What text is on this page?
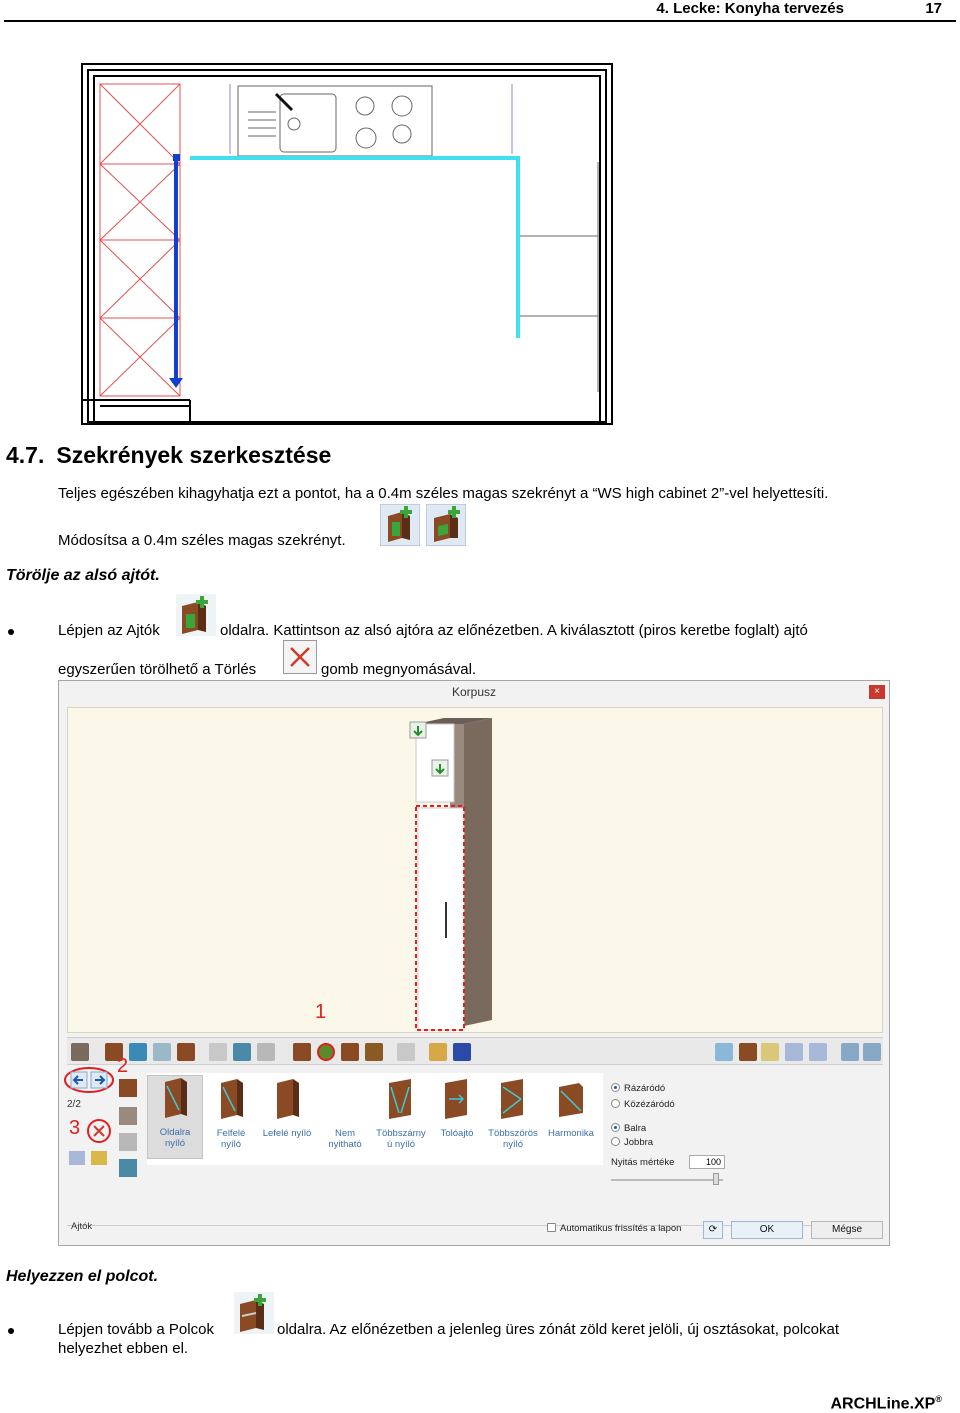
4. Lecke: Konyha tervezés	17
4.7. Szekrények szerkesztése
Teljes egészében kihagyhatja ezt a pontot, ha a 0.4m széles magas szekrényt a “WS high cabinet 2”-vel helyettesíti.
Módosítsa a 0.4m széles magas szekrényt.
Törölje az alsó ajtót.
Lépjen az Ajtók	oldalra. Kattintson az alsó ajtóra az előnézetben. A kiválasztott (piros keretbe foglalt) ajtó
egyszerűen törölhető a Törlés	gomb megnyomásával.
Korpusz	×
1
2
2/2
3	Oldalra
nyíló
Felfelé
nyíló
Lefelé nyíló	Nem
nyitható
Többszárny
ú nyíló
Tolóajtó	Többszörös
nyíló
Harmonika
Rázáródó
Közézáródó
Balra
Jobbra
Nyitás mértéke	100
Ajtók	Automatikus frissítés a lapon	⟳	OK	Mégse
Helyezzen el polcot.
Lépjen tovább a Polcok	oldalra. Az előnézetben a jelenleg üres zónát zöld keret jelöli, új osztásokat, polcokat
helyezhet ebben el.
ARCHLine.XP®
